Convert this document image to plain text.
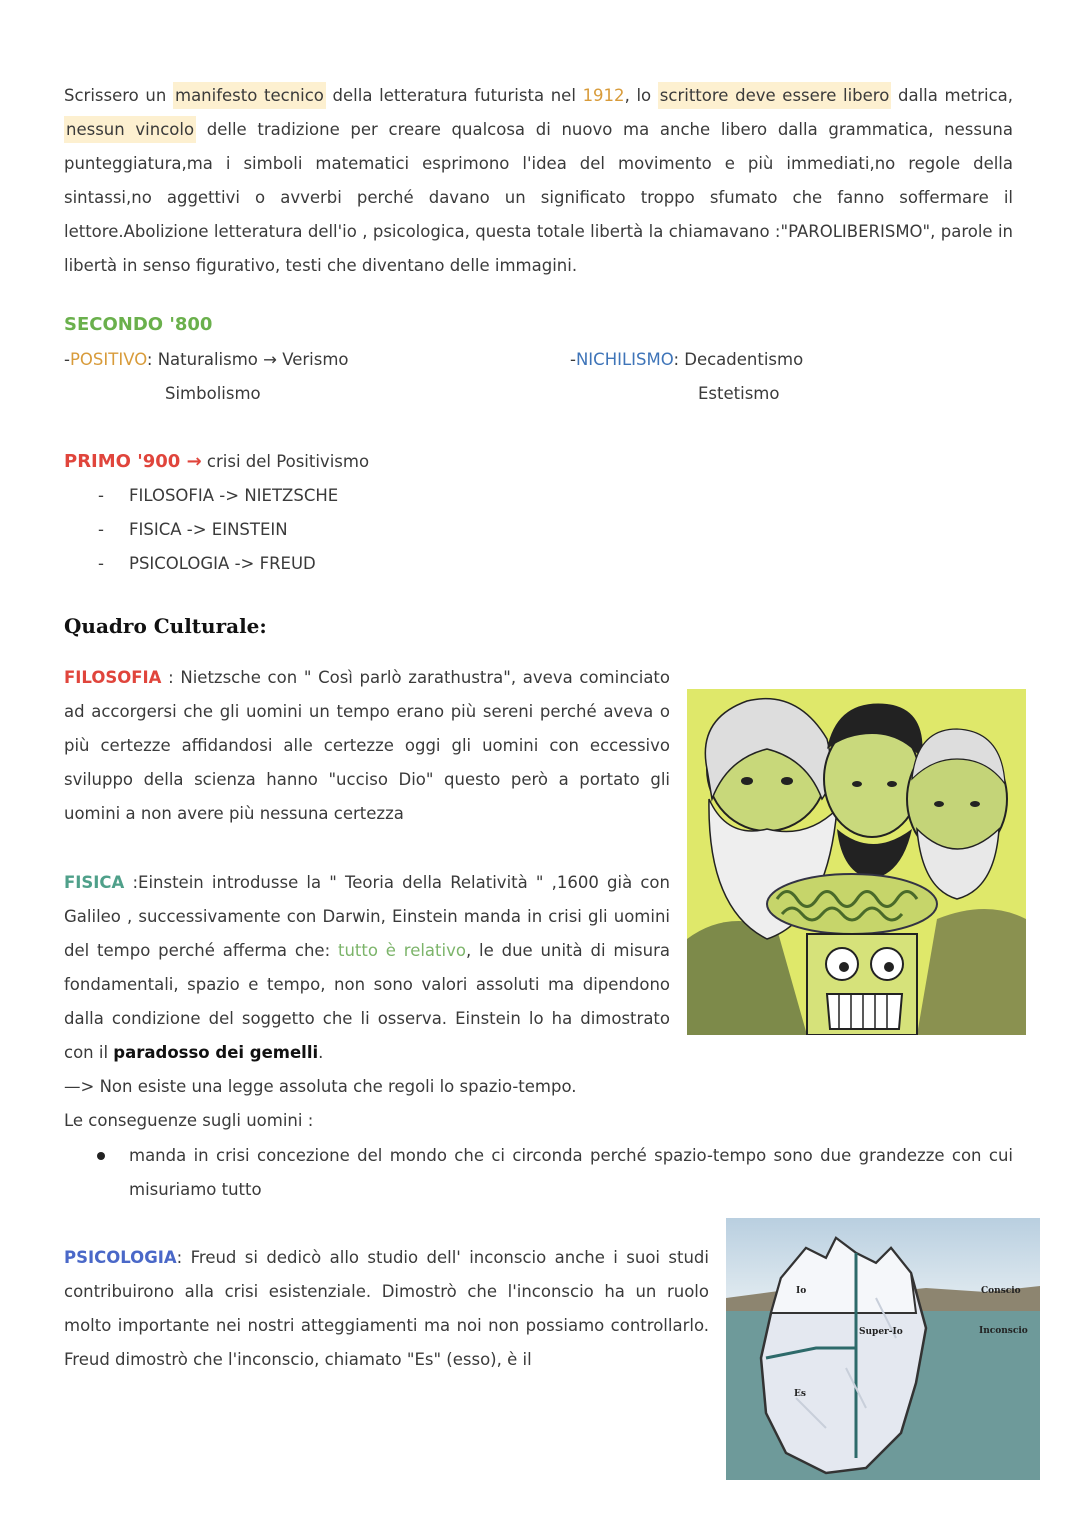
Scrissero un manifesto tecnico della letteratura futurista nel 1912, lo scrittore deve essere libero dalla metrica, nessun vincolo delle tradizione per creare qualcosa di nuovo ma anche libero dalla grammatica, nessuna punteggiatura,ma i simboli matematici esprimono l'idea del movimento e più immediati,no regole della sintassi,no aggettivi o avverbi perché davano un significato troppo sfumato che fanno soffermare il lettore.Abolizione letteratura dell'io , psicologica, questa totale libertà la chiamavano :"PAROLIBERISMO", parole in libertà in senso figurativo, testi che diventano delle immagini.
SECONDO '800
-POSITIVO: Naturalismo → Verismo
Simbolismo
-NICHILISMO: Decadentismo
Estetismo
PRIMO '900 → crisi del Positivismo
- FILOSOFIA -> NIETZSCHE
- FISICA -> EINSTEIN
- PSICOLOGIA -> FREUD
Quadro Culturale:
FILOSOFIA : Nietzsche con " Così parlò zarathustra", aveva cominciato ad accorgersi che gli uomini un tempo erano più sereni perché aveva o più certezze affidandosi alle certezze oggi gli uomini con eccessivo sviluppo della scienza hanno "ucciso Dio" questo però a portato gli uomini a non avere più nessuna certezza
FISICA :Einstein introdusse la " Teoria della Relatività " ,1600 già con Galileo , successivamente con Darwin, Einstein manda in crisi gli uomini del tempo perché afferma che: tutto è relativo, le due unità di misura fondamentali, spazio e tempo, non sono valori assoluti ma dipendono dalla condizione del soggetto che li osserva. Einstein lo ha dimostrato con il paradosso dei gemelli.
—> Non esiste una legge assoluta che regoli lo spazio-tempo.
Le conseguenze sugli uomini :
manda in crisi concezione del mondo che ci circonda perché spazio-tempo sono due grandezze con cui misuriamo tutto
PSICOLOGIA: Freud si dedicò allo studio dell' inconscio anche i suoi studi contribuirono alla crisi esistenziale. Dimostrò che l'inconscio ha un ruolo molto importante nei nostri atteggiamenti ma noi non possiamo controllarlo. Freud dimostrò che l'inconscio, chiamato "Es" (esso), è il
Io	Conscio
Super-Io	Inconscio
Es
